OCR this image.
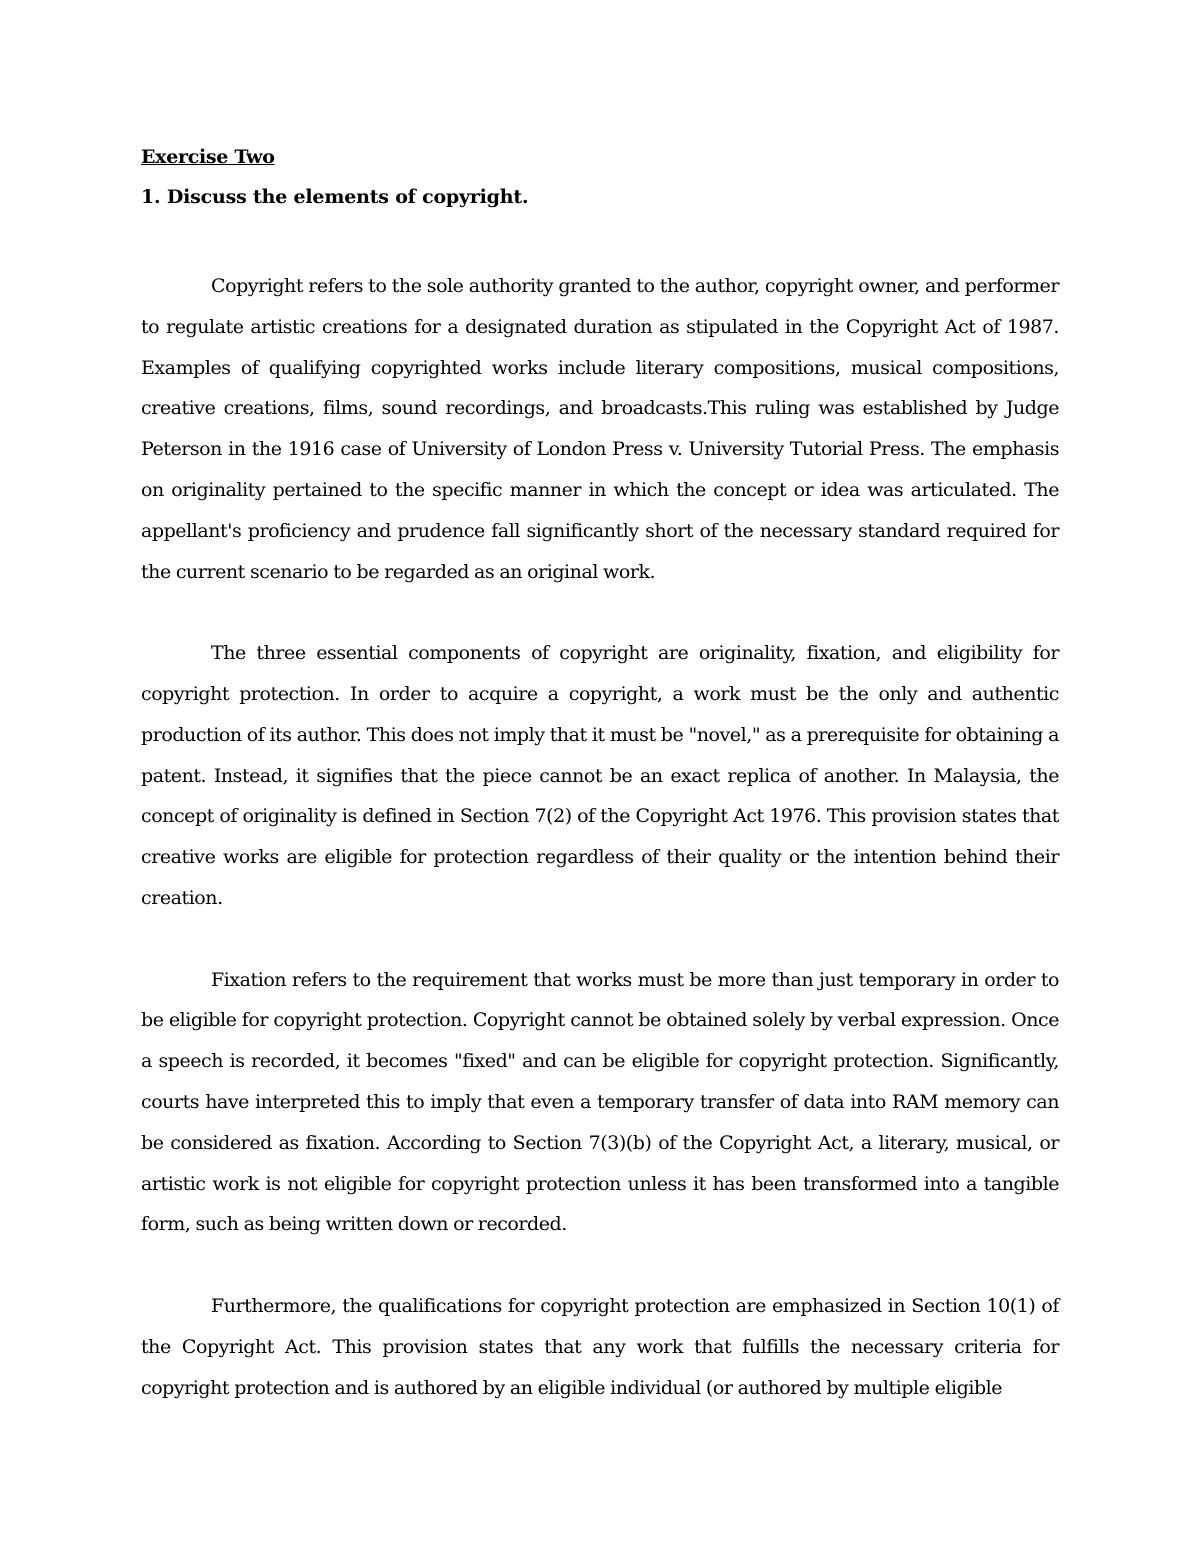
Exercise Two

1. Discuss the elements of copyright.

Copyright refers to the sole authority granted to the author, copyright owner, and performer to regulate artistic creations for a designated duration as stipulated in the Copyright Act of 1987. Examples of qualifying copyrighted works include literary compositions, musical compositions, creative creations, films, sound recordings, and broadcasts.This ruling was established by Judge Peterson in the 1916 case of University of London Press v. University Tutorial Press. The emphasis on originality pertained to the specific manner in which the concept or idea was articulated. The appellant's proficiency and prudence fall significantly short of the necessary standard required for the current scenario to be regarded as an original work.

The three essential components of copyright are originality, fixation, and eligibility for copyright protection. In order to acquire a copyright, a work must be the only and authentic production of its author. This does not imply that it must be "novel," as a prerequisite for obtaining a patent. Instead, it signifies that the piece cannot be an exact replica of another. In Malaysia, the concept of originality is defined in Section 7(2) of the Copyright Act 1976. This provision states that creative works are eligible for protection regardless of their quality or the intention behind their creation.

Fixation refers to the requirement that works must be more than just temporary in order to be eligible for copyright protection. Copyright cannot be obtained solely by verbal expression. Once a speech is recorded, it becomes "fixed" and can be eligible for copyright protection. Significantly, courts have interpreted this to imply that even a temporary transfer of data into RAM memory can be considered as fixation. According to Section 7(3)(b) of the Copyright Act, a literary, musical, or artistic work is not eligible for copyright protection unless it has been transformed into a tangible form, such as being written down or recorded.

Furthermore, the qualifications for copyright protection are emphasized in Section 10(1) of the Copyright Act. This provision states that any work that fulfills the necessary criteria for copyright protection and is authored by an eligible individual (or authored by multiple eligible
